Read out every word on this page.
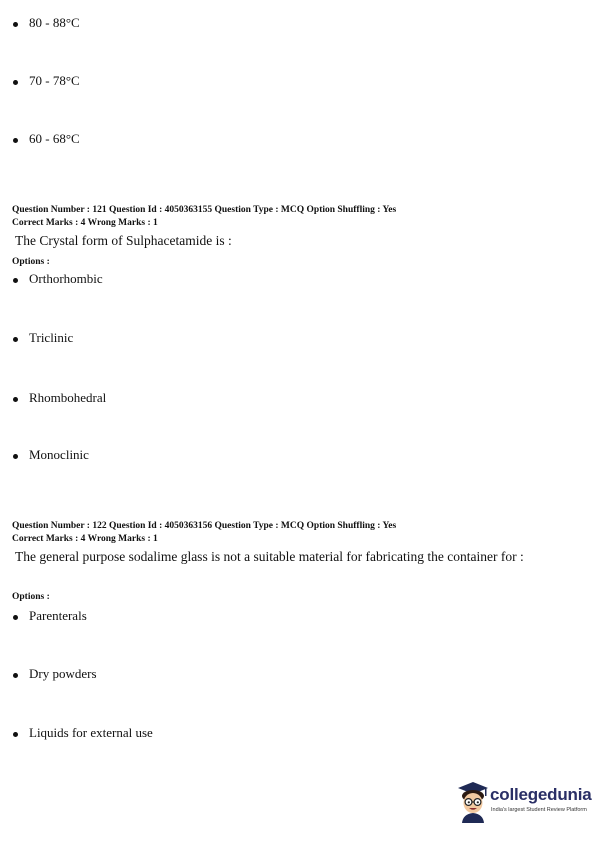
80 - 88°C
70 - 78°C
60 - 68°C
Question Number : 121 Question Id : 4050363155 Question Type : MCQ Option Shuffling : Yes
Correct Marks : 4 Wrong Marks : 1
The Crystal form of Sulphacetamide is :
Options :
Orthorhombic
Triclinic
Rhombohedral
Monoclinic
Question Number : 122 Question Id : 4050363156 Question Type : MCQ Option Shuffling : Yes
Correct Marks : 4 Wrong Marks : 1
The general purpose sodalime glass is not a suitable material for fabricating the container for :
Options :
Parenterals
Dry powders
Liquids for external use
collegedunia
India's largest Student Review Platform
